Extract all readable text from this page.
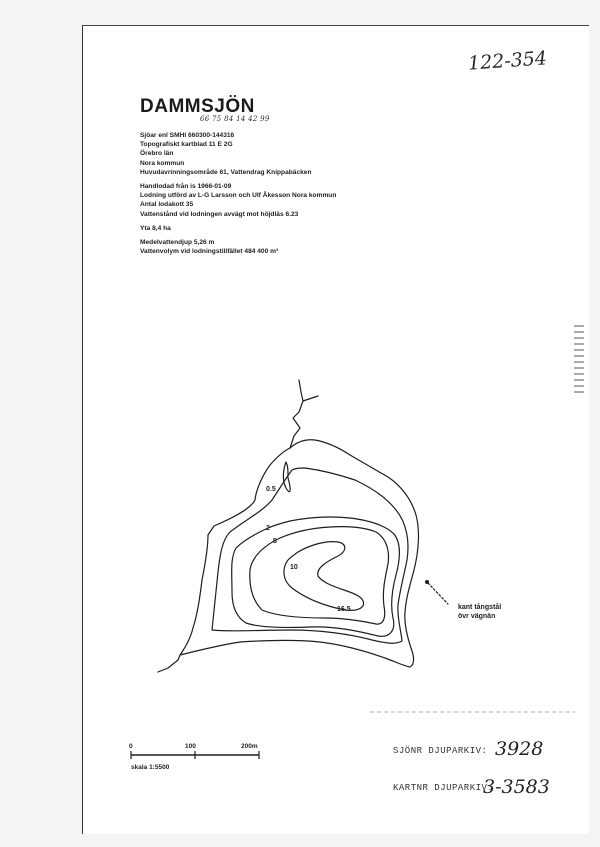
122-354
DAMMSJÖN
66 75 84 14 42 99
Sjöar enl SMHI 660300-144316
Topografiskt kartblad 11 E 2G
Örebro län
Nora kommun
Huvudavrinningsområde 61, Vattendrag Knippabäcken
Handlodad från is 1966-01-09
Lodning utförd av L-G Larsson och Ulf Åkesson Nora kommun
Antal lodakott 35
Vattenstånd vid lodningen avvägt mot höjdläs 6.23
Yta 8,4 ha
Medelvattendjup 5,26 m
Vattenvolym vid lodningstillfället 484 400 m³
0.5
2
5
10
16.5	kant tångstål
övr vägnän
0	100	200m
skala 1:5500
SJÖNR DJUPARKIV: 3928
KARTNR DJUPARKIV:
3-3583
